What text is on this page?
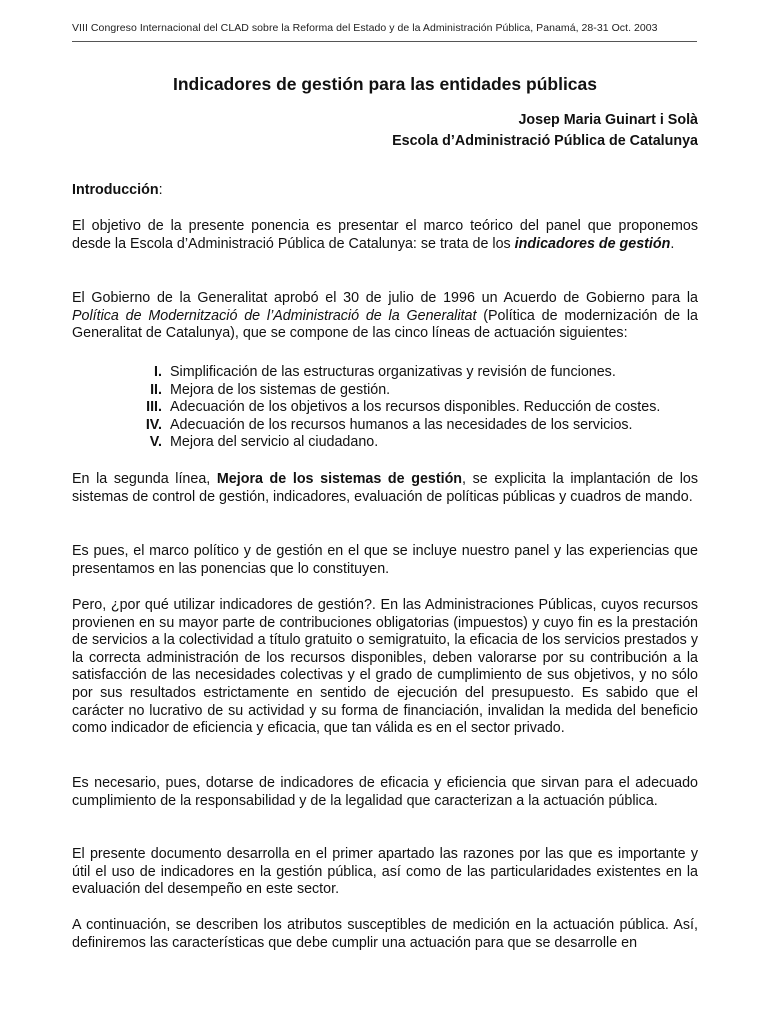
VIII Congreso Internacional del CLAD sobre la Reforma del Estado y de la Administración Pública, Panamá, 28-31 Oct. 2003
Indicadores de gestión para las entidades públicas
Josep Maria Guinart i Solà
Escola d’Administració Pública de Catalunya
Introducción:
El objetivo de la presente ponencia es presentar el marco teórico del panel que proponemos desde la Escola d’Administració Pública de Catalunya: se trata de los indicadores de gestión.
El Gobierno de la Generalitat aprobó el 30 de julio de 1996 un Acuerdo de Gobierno para la Política de Modernització de l’Administració de la Generalitat (Política de modernización de la Generalitat de Catalunya), que se compone de las cinco líneas de actuación siguientes:
I. Simplificación de las estructuras organizativas y revisión de funciones.
II. Mejora de los sistemas de gestión.
III. Adecuación de los objetivos a los recursos disponibles. Reducción de costes.
IV. Adecuación de los recursos humanos a las necesidades de los servicios.
V. Mejora del servicio al ciudadano.
En la segunda línea, Mejora de los sistemas de gestión, se explicita la implantación de los sistemas de control de gestión, indicadores, evaluación de políticas públicas y cuadros de mando.
Es pues, el marco político y de gestión en el que se incluye nuestro panel y las experiencias que presentamos en las ponencias que lo constituyen.
Pero, ¿por qué utilizar indicadores de gestión?. En las Administraciones Públicas, cuyos recursos provienen en su mayor parte de contribuciones obligatorias (impuestos) y cuyo fin es la prestación de servicios a la colectividad a título gratuito o semigratuito, la eficacia de los servicios prestados y la correcta administración de los recursos disponibles, deben valorarse por su contribución a la satisfacción de las necesidades colectivas y el grado de cumplimiento de sus objetivos, y no sólo por sus resultados estrictamente en sentido de ejecución del presupuesto. Es sabido que el carácter no lucrativo de su actividad y su forma de financiación, invalidan la medida del beneficio como indicador de eficiencia y eficacia, que tan válida es en el sector privado.
Es necesario, pues, dotarse de indicadores de eficacia y eficiencia que sirvan para el adecuado cumplimiento de la responsabilidad y de la legalidad que caracterizan a la actuación pública.
El presente documento desarrolla en el primer apartado las razones por las que es importante y útil el uso de indicadores en la gestión pública, así como de las particularidades existentes en la evaluación del desempeño en este sector.
A continuación, se describen los atributos susceptibles de medición en la actuación pública. Así, definiremos las características que debe cumplir una actuación para que se desarrolle en
